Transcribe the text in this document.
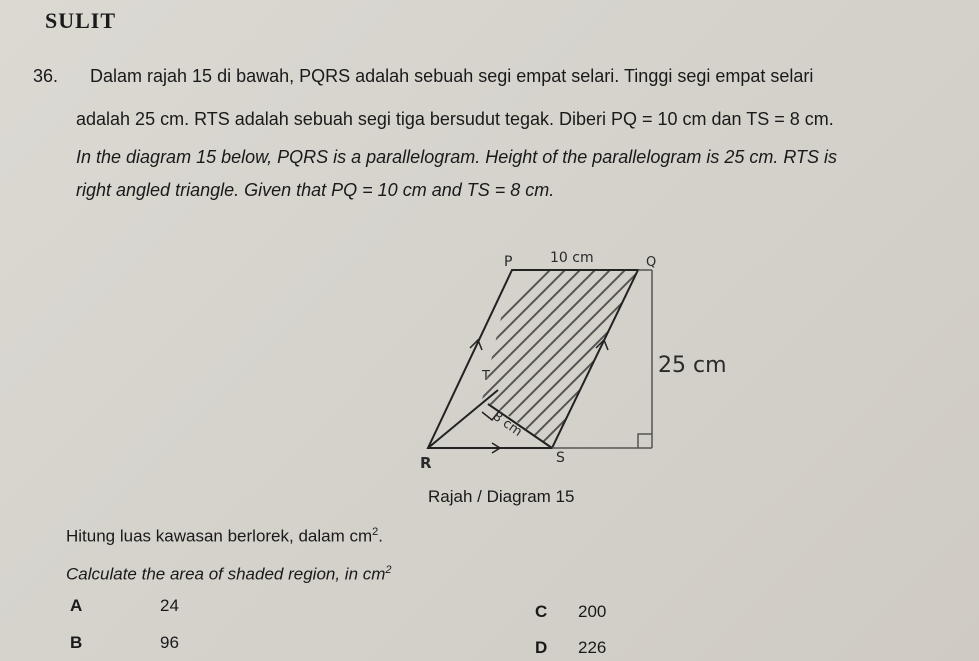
SULIT
36. Dalam rajah 15 di bawah, PQRS adalah sebuah segi empat selari. Tinggi segi empat selari
adalah 25 cm. RTS adalah sebuah segi tiga bersudut tegak. Diberi PQ = 10 cm dan TS = 8 cm.
In the diagram 15 below, PQRS is a parallelogram. Height of the parallelogram is 25 cm. RTS is
right angled triangle. Given that PQ = 10 cm and TS = 8 cm.
P	Q
R	S
T
10 cm
8 cm
25 cm
Rajah / Diagram 15
Hitung luas kawasan berlorek, dalam $cm^2$.
Calculate the area of shaded region, in $cm^2$
A	24
B	96
C 200
D 226
